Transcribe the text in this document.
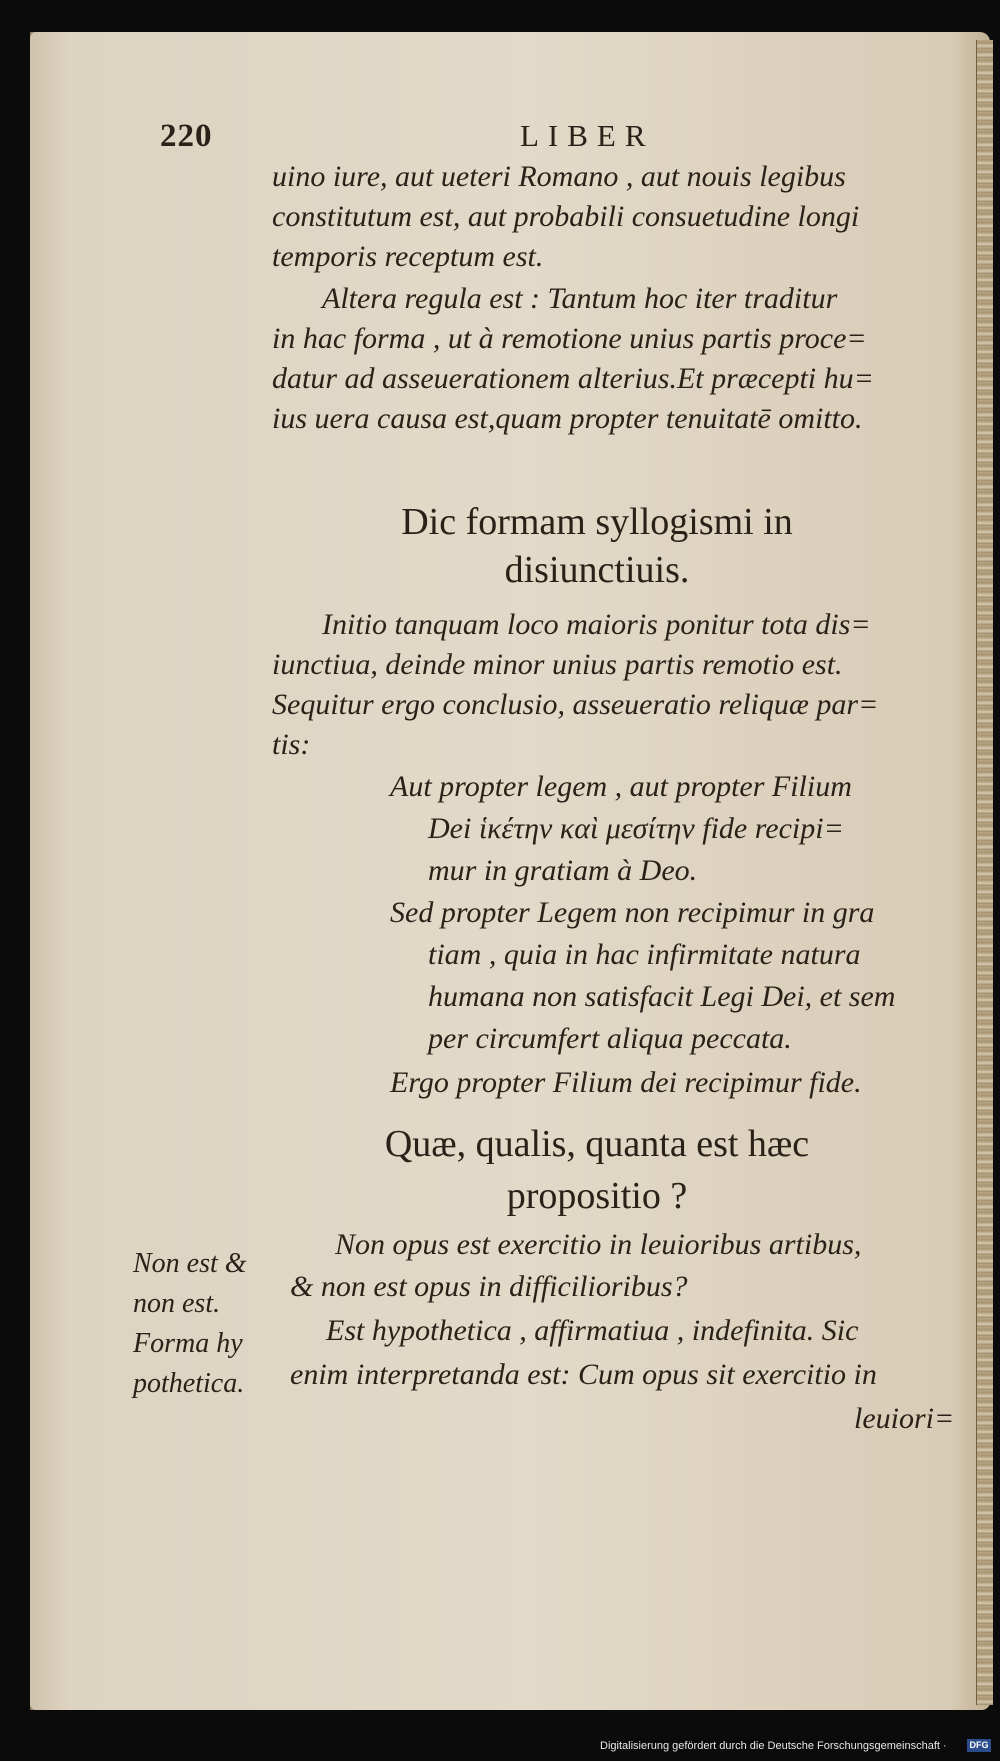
220	LIBER
uino iure, aut ueteri Romano , aut nouis legibus
constitutum est, aut probabili consuetudine longi
temporis receptum est.
Altera regula est : Tantum hoc iter traditur
in hac forma , ut à remotione unius partis proce=
datur ad asseuerationem alterius.Et præcepti hu=
ius uera causa est,quam propter tenuitatē omitto.
Dic formam syllogismi in
disiunctiuis.
Initio tanquam loco maioris ponitur tota dis=
iunctiua, deinde minor unius partis remotio est.
Sequitur ergo conclusio, asseueratio reliquæ par=
tis:
Aut propter legem , aut propter Filium
Dei ἱκέτην καὶ μεσίτην fide recipi=
mur in gratiam à Deo.
Sed propter Legem non recipimur in gra
tiam , quia in hac infirmitate natura
humana non satisfacit Legi Dei, et sem
per circumfert aliqua peccata.
Ergo propter Filium dei recipimur fide.
Quæ, qualis, quanta est hæc
propositio ?
Non opus est exercitio in leuioribus artibus,
& non est opus in difficilioribus?
Est hypothetica , affirmatiua , indefinita. Sic
enim interpretanda est: Cum opus sit exercitio in
leuiori=
Non est &
non est.
Forma hy
pothetica.
Digitalisierung gefördert durch die Deutsche Forschungsgemeinschaft ·	DFG
